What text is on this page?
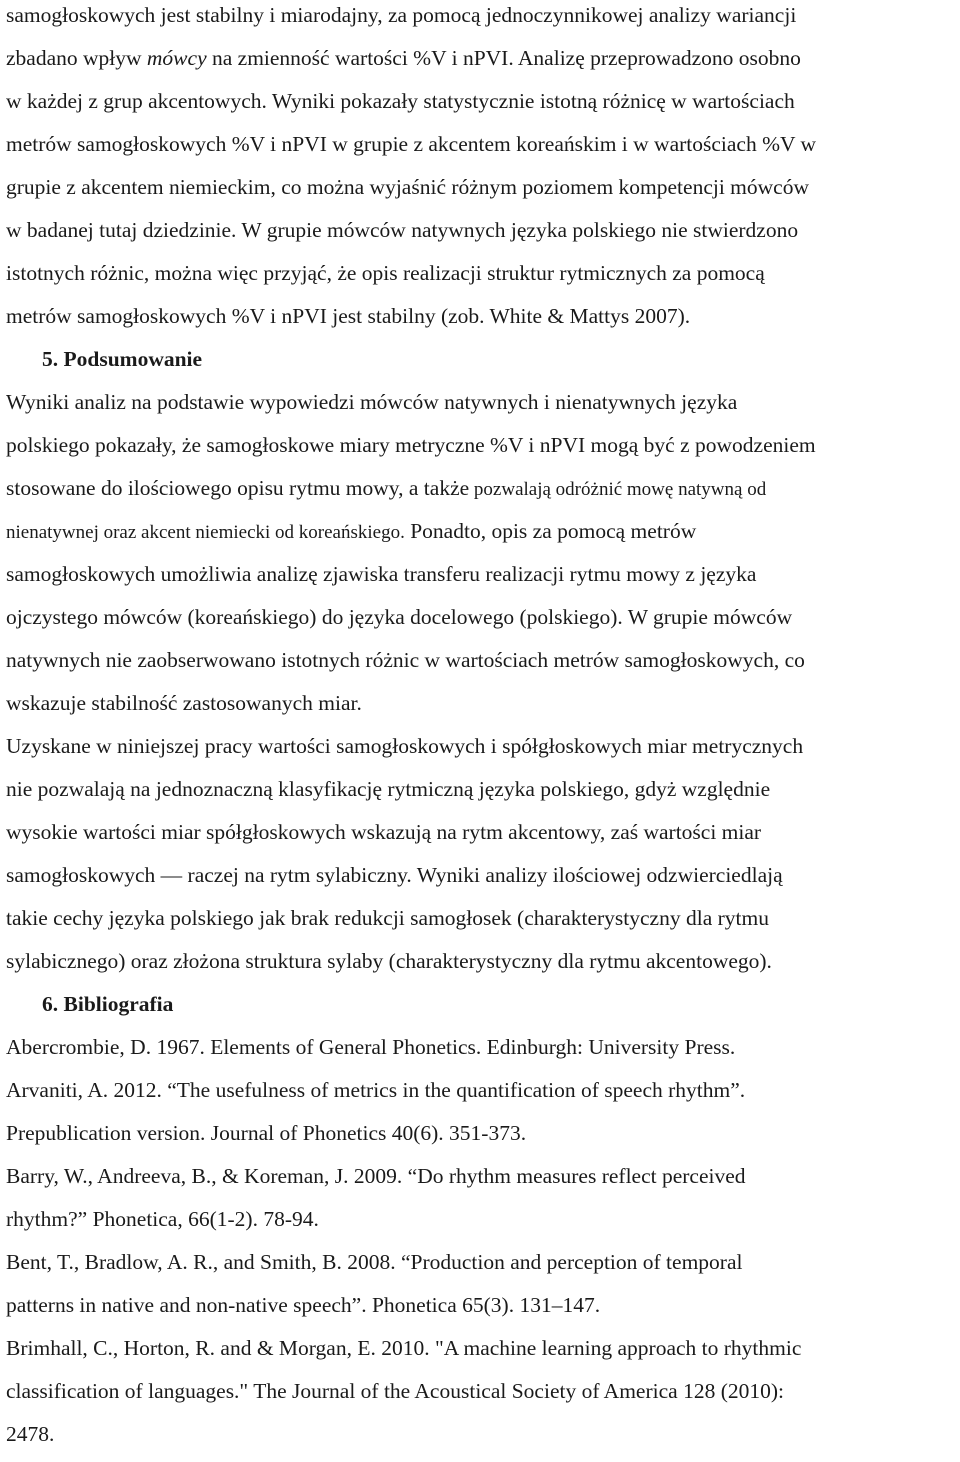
samogłoskowych jest stabilny i miarodajny, za pomocą jednoczynnikowej analizy wariancji
zbadano wpływ mówcy na zmienność wartości %V i nPVI. Analizę przeprowadzono osobno
w każdej z grup akcentowych. Wyniki pokazały statystycznie istotną różnicę w wartościach
metrów samogłoskowych %V i nPVI w grupie z akcentem koreańskim i w wartościach %V w
grupie z akcentem niemieckim, co można wyjaśnić różnym poziomem kompetencji mówców
w badanej tutaj dziedzinie. W grupie mówców natywnych języka polskiego nie stwierdzono
istotnych różnic, można więc przyjąć, że opis realizacji struktur rytmicznych za pomocą
metrów samogłoskowych %V i nPVI jest stabilny (zob. White & Mattys 2007).
5. Podsumowanie
Wyniki analiz na podstawie wypowiedzi mówców natywnych i nienatywnych języka
polskiego pokazały, że samogłoskowe miary metryczne %V i nPVI mogą być z powodzeniem
stosowane do ilościowego opisu rytmu mowy, a także pozwalają odróżnić mowę natywną od
nienatywnej oraz akcent niemiecki od koreańskiego. Ponadto, opis za pomocą metrów
samogłoskowych umożliwia analizę zjawiska transferu realizacji rytmu mowy z języka
ojczystego mówców (koreańskiego) do języka docelowego (polskiego). W grupie mówców
natywnych nie zaobserwowano istotnych różnic w wartościach metrów samogłoskowych, co
wskazuje stabilność zastosowanych miar.
Uzyskane w niniejszej pracy wartości samogłoskowych i spółgłoskowych miar metrycznych
nie pozwalają na jednoznaczną klasyfikację rytmiczną języka polskiego, gdyż względnie
wysokie wartości miar spółgłoskowych wskazują na rytm akcentowy, zaś wartości miar
samogłoskowych — raczej na rytm sylabiczny. Wyniki analizy ilościowej odzwierciedlają
takie cechy języka polskiego jak brak redukcji samogłosek (charakterystyczny dla rytmu
sylabicznego) oraz złożona struktura sylaby (charakterystyczny dla rytmu akcentowego).
6. Bibliografia
Abercrombie, D. 1967. Elements of General Phonetics. Edinburgh: University Press.
Arvaniti, A. 2012. “The usefulness of metrics in the quantification of speech rhythm”.
Prepublication version. Journal of Phonetics 40(6). 351-373.
Barry, W., Andreeva, B., & Koreman, J. 2009. “Do rhythm measures reflect perceived
rhythm?” Phonetica, 66(1-2). 78-94.
Bent, T., Bradlow, A. R., and Smith, B. 2008. “Production and perception of temporal
patterns in native and non-native speech”. Phonetica 65(3). 131–147.
Brimhall, C., Horton, R. and & Morgan, E. 2010. "A machine learning approach to rhythmic
classification of languages." The Journal of the Acoustical Society of America 128 (2010):
2478.
